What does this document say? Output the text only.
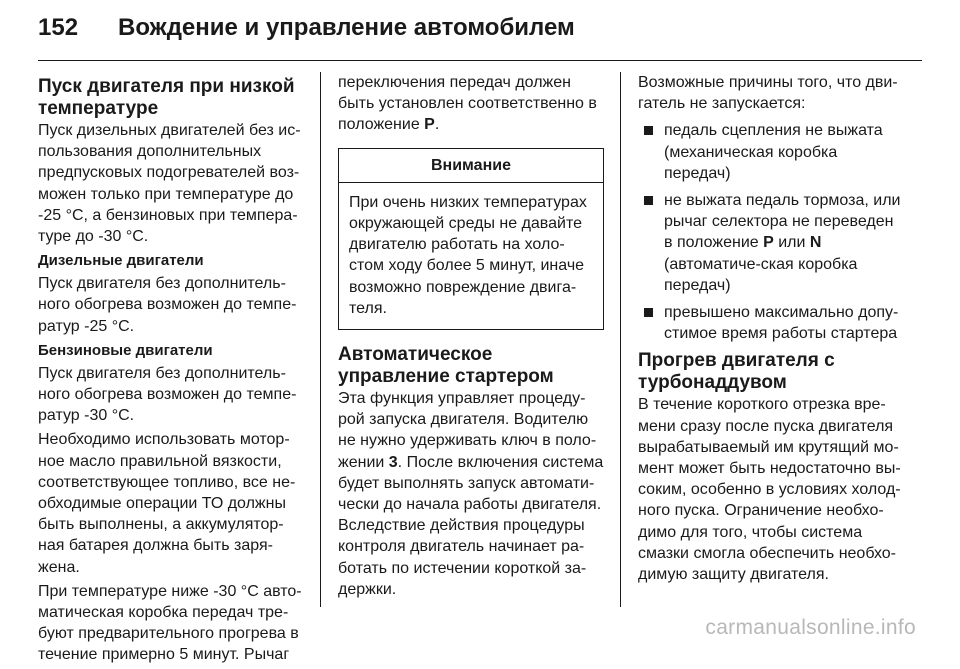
152	Вождение и управление автомобилем
Пуск двигателя при низкой температуре

Пуск дизельных двигателей без ис-пользования дополнительных предпусковых подогревателей воз-можен только при температуре до -25 °C, а бензиновых при темпера-туре до -30 °C.

Дизельные двигатели

Пуск двигателя без дополнитель-ного обогрева возможен до темпе-ратур -25 °C.

Бензиновые двигатели

Пуск двигателя без дополнитель-ного обогрева возможен до темпе-ратур -30 °C.

Необходимо использовать мотор-ное масло правильной вязкости, соответствующее топливо, все не-обходимые операции ТО должны быть выполнены, а аккумулятор-ная батарея должна быть заря-жена.

При температуре ниже -30 °C авто-матическая коробка передач тре-буют предварительного прогрева в течение примерно 5 минут. Рычаг

переключения передач должен быть установлен соответственно в положение P.

Внимание
При очень низких температурах окружающей среды не давайте двигателю работать на холо-стом ходу более 5 минут, иначе возможно повреждение двига-теля.
Автоматическое управление стартером

Эта функция управляет процеду-рой запуска двигателя. Водителю не нужно удерживать ключ в поло-жении 3. После включения система будет выполнять запуск автомати-чески до начала работы двигателя. Вследствие действия процедуры контроля двигатель начинает ра-ботать по истечении короткой за-держки.

Возможные причины того, что дви-гатель не запускается:

педаль сцепления не выжата (механическая коробка передач)
не выжата педаль тормоза, или рычаг селектора не переведен в положение P или N (автоматиче-ская коробка передач)
превышено максимально допу-стимое время работы стартера
Прогрев двигателя с турбонаддувом

В течение короткого отрезка вре-мени сразу после пуска двигателя вырабатываемый им крутящий мо-мент может быть недостаточно вы-соким, особенно в условиях холод-ного пуска. Ограничение необхо-димо для того, чтобы система смазки смогла обеспечить необхо-димую защиту двигателя.

carmanualsonline.info
